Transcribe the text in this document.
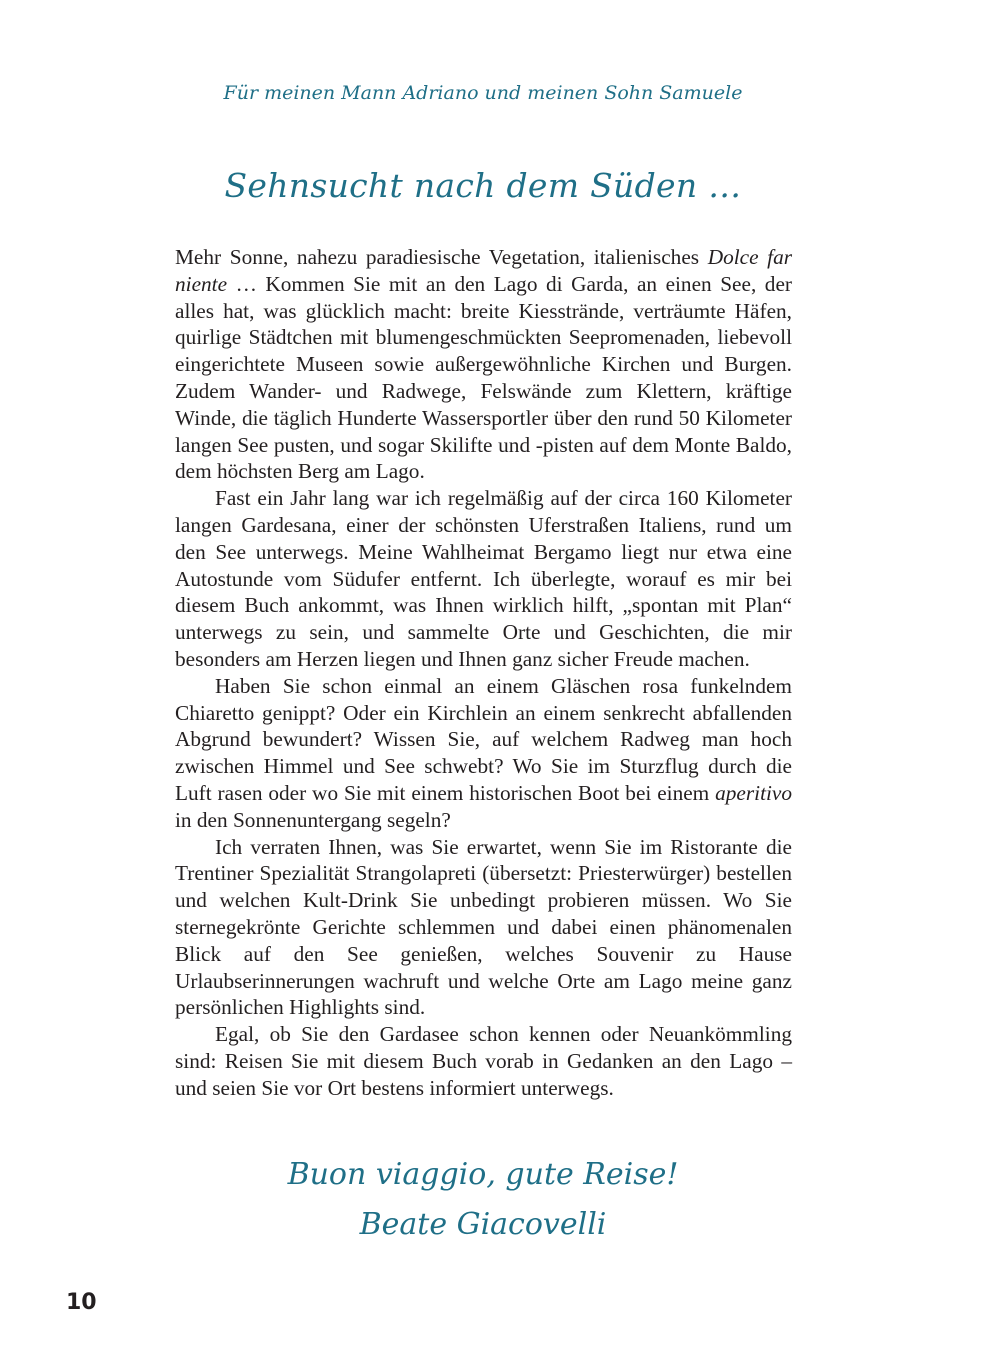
Für meinen Mann Adriano und meinen Sohn Samuele
Sehnsucht nach dem Süden …

Mehr Sonne, nahezu paradiesische Vegetation, italienisches Dolce far niente … Kommen Sie mit an den Lago di Garda, an einen See, der alles hat, was glücklich macht: breite Kiesstrände, verträumte Häfen, quirlige Städtchen mit blumengeschmückten Seepromenaden, liebevoll eingerichtete Museen sowie außergewöhnliche Kirchen und Burgen. Zudem Wander- und Radwege, Felswände zum Klettern, kräftige Winde, die täglich Hunderte Wassersportler über den rund 50 Kilometer langen See pusten, und sogar Skilifte und -pisten auf dem Monte Baldo, dem höchsten Berg am Lago.

Fast ein Jahr lang war ich regelmäßig auf der circa 160 Kilometer langen Gardesana, einer der schönsten Uferstraßen Italiens, rund um den See unterwegs. Meine Wahlheimat Bergamo liegt nur etwa eine Autostunde vom Südufer entfernt. Ich überlegte, worauf es mir bei diesem Buch ankommt, was Ihnen wirklich hilft, „spontan mit Plan“ unterwegs zu sein, und sammelte Orte und Geschichten, die mir besonders am Herzen liegen und Ihnen ganz sicher Freude machen.

Haben Sie schon einmal an einem Gläschen rosa funkelndem Chiaretto genippt? Oder ein Kirchlein an einem senkrecht abfallenden Abgrund bewundert? Wissen Sie, auf welchem Radweg man hoch zwischen Himmel und See schwebt? Wo Sie im Sturzflug durch die Luft rasen oder wo Sie mit einem historischen Boot bei einem aperitivo in den Sonnenuntergang segeln?

Ich verraten Ihnen, was Sie erwartet, wenn Sie im Ristorante die Trentiner Spezialität Strangolapreti (übersetzt: Priesterwürger) bestellen und welchen Kult-Drink Sie unbedingt probieren müssen. Wo Sie sternegekrönte Gerichte schlemmen und dabei einen phänomenalen Blick auf den See genießen, welches Souvenir zu Hause Urlaubserinnerungen wachruft und welche Orte am Lago meine ganz persönlichen Highlights sind.

Egal, ob Sie den Gardasee schon kennen oder Neuankömmling sind: Reisen Sie mit diesem Buch vorab in Gedanken an den Lago – und seien Sie vor Ort bestens informiert unterwegs.

Buon viaggio, gute Reise!
Beate Giacovelli
10
